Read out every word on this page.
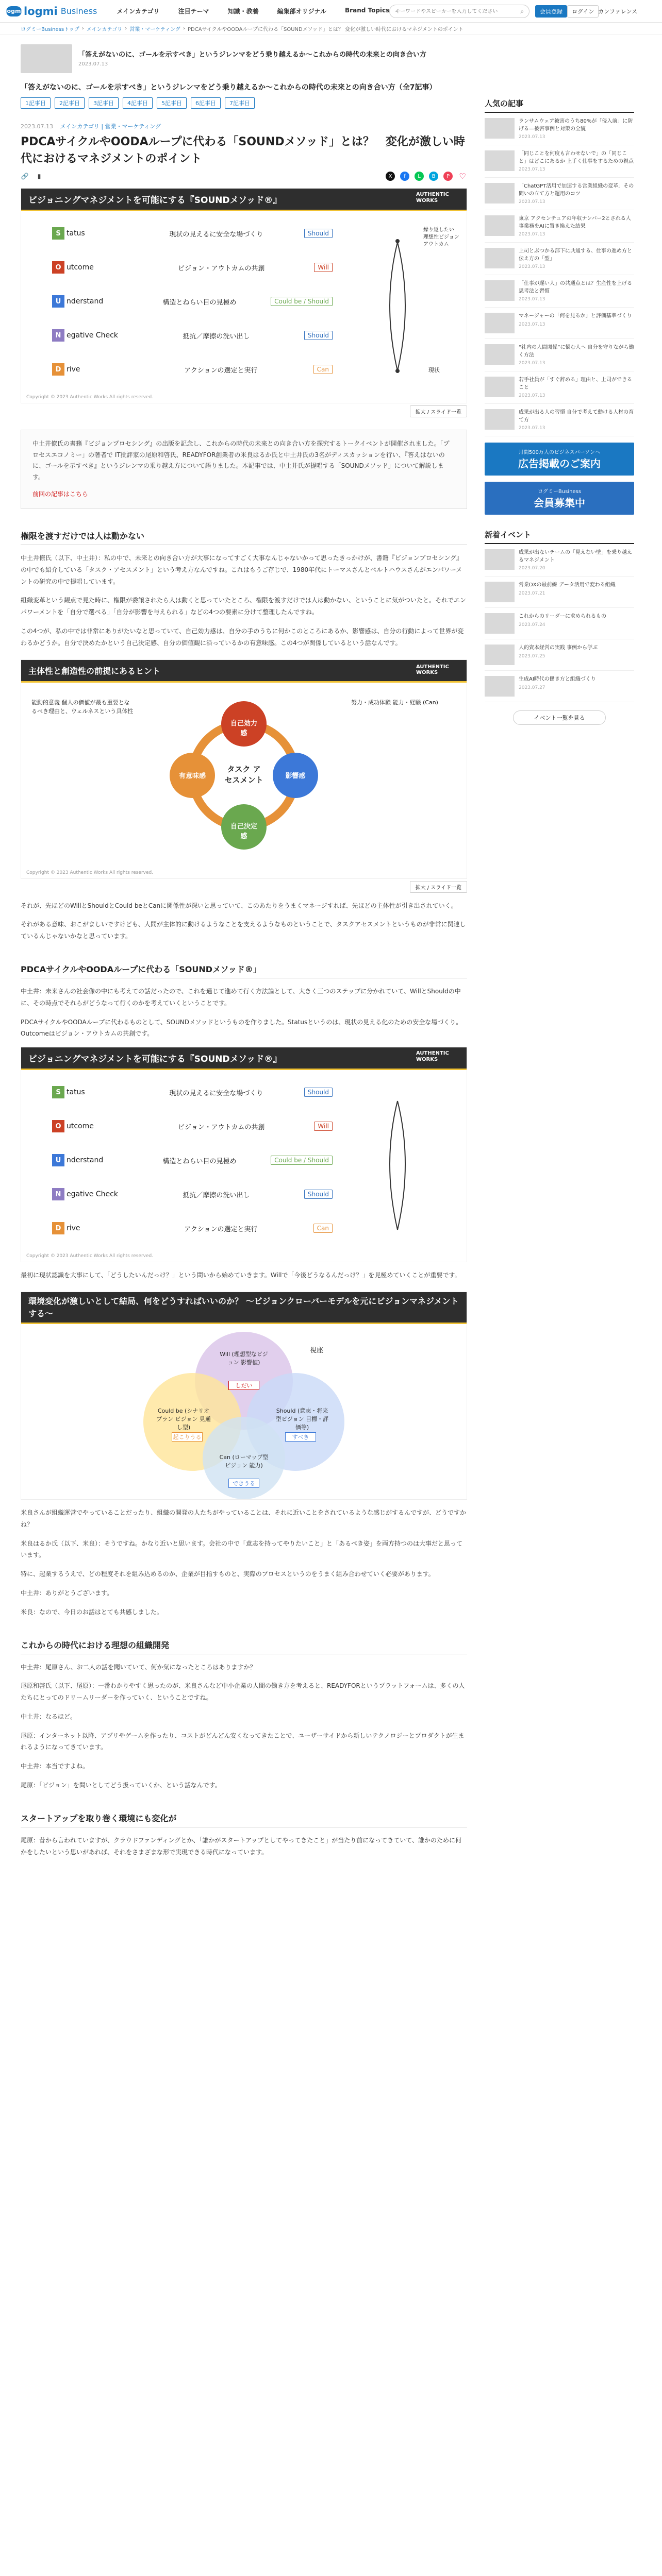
logmi logmi Business	メインカテゴリ	注目テーマ	知識・教養	編集部オリジナル	Brand Topics
キーワードやスピーカーを入力してください	⌕	会員登録	ログイン カンファレンス
ログミーBusinessトップ › メインカテゴリ › 営業・マーケティング › PDCAサイクルやOODAループに代わる「SOUNDメソッド」とは？ 変化が激しい時代におけるマネジメントのポイント
「答えがないのに、ゴールを示すべき」というジレンマをどう乗り越えるか〜これからの時代の未来との向き合い方
2023.07.13
「答えがないのに、ゴールを示すべき」というジレンマをどう乗り越えるか〜これからの時代の未来との向き合い方（全7記事）
1記事目	2記事目	3記事目	4記事目	5記事目	6記事目	7記事目
2023.07.13 メインカテゴリ | 営業・マーケティング
PDCAサイクルやOODAループに代わる「SOUNDメソッド」とは？　変化が激しい時代におけるマネジメントのポイント
🔗	▮	X	f	L	B	P	♡
ビジョニングマネジメントを可能にする『SOUNDメソッド®』
AUTHENTIC WORKS
S tatus	現状の見えるに安全な場づくり	Should
O utcome	ビジョン・アウトカムの共創	Will
U nderstand	構造とねらい目の見極め	Could be / Should
N egative Check	抵抗／摩擦の洗い出し	Should
D rive	アクションの選定と実行	Can
繰り返したい 理想性ビジョン アウトカム
現状
Copyright © 2023 Authentic Works All rights reserved.
拡大 / スライド一覧
中土井僚氏の書籍『ビジョンプロセシング』の出版を記念し、これからの時代の未来との向き合い方を探究するトークイベントが開催されました。「プロセスエコノミー」の著者で IT批評家の尾原和啓氏、READYFOR創業者の米良はるか氏と中土井氏の3名がディスカッションを行い、『答えはないのに、ゴールを示すべき』というジレンマの乗り越え方について語りました。本記事では、中土井氏が提唱する「SOUNDメソッド」について解説します。
前回の記事はこちら
権限を渡すだけでは人は動かない

中土井僚氏（以下、中土井）：私の中で、未来との向き合い方が大事になってすごく大事なんじゃないかって思ったきっかけが、書籍『ビジョンプロセシング』の中でも紹介している「タスク・アセスメント」という考え方なんですね。これはもうご存じで、1980年代にトーマスさんとベルトハウスさんがエンパワーメントの研究の中で提唱しています。

組織変革という観点で見た時に、権限が委譲されたら人は動くと思っていたところ、権限を渡すだけでは人は動かない、ということに気がついたと。それでエンパワーメントを「自分で選べる」「自分が影響を与えられる」などの4つの要素に分けて整理したんですね。

この4つが、私の中では非常にありがたいなと思っていて、自己効力感は、自分の手のうちに何かこのところにあるか、影響感は、自分の行動によって世界が変わるかどうか。自分で決めたかという自己決定感、自分の価値観に沿っているかの有意味感。この4つが関係しているという話なんです。

主体性と創造性の前提にあるヒント	AUTHENTIC WORKS
タスク アセスメント
自己効力感
影響感
自己決定感
有意味感
能動的意義 個人の価値が最も重要となるべき理由と、ウェルネスという具体性
努力・成功体験 能力・経験 (Can)
Copyright © 2023 Authentic Works All rights reserved.
拡大 / スライド一覧

それが、先ほどのWillとShouldとCould beとCanに関係性が深いと思っていて、このあたりをうまくマネージすれば、先ほどの主体性が引き出されていく。

それがある意味、おこがましいですけども、人間が主体的に動けるようなことを支えるようなものということで、タスクアセスメントというものが非常に関連しているんじゃないかなと思っています。

PDCAサイクルやOODAループに代わる「SOUNDメソッド®」

中土井：未来さんの社会像の中にも考えての話だったので、これを通じて進めて行く方法論として、大きく三つのステップに分かれていて、WillとShouldの中に、その時点でそれらがどうなって行くのかを考えていくということです。

PDCAサイクルやOODAループに代わるものとして、SOUNDメソッドというものを作りました。Statusというのは、現状の見える化のための安全な場づくり。Outcomeはビジョン・アウトカムの共創です。

ビジョニングマネジメントを可能にする『SOUNDメソッド®』
AUTHENTIC WORKS
S tatus	現状の見えるに安全な場づくり	Should
O utcome	ビジョン・アウトカムの共創	Will
U nderstand	構造とねらい目の見極め	Could be / Should
N egative Check	抵抗／摩擦の洗い出し	Should
D rive	アクションの選定と実行	Can
Copyright © 2023 Authentic Works All rights reserved.

最初に現状認識を大事にして、「どうしたいんだっけ？」という問いから始めていきます。Willで「今後どうなるんだっけ？」を見極めていくことが重要です。

環境変化が激しいとして結局、何をどうすればいいのか？ 〜ビジョンクローバーモデルを元にビジョンマネジメントする〜
Will (理想型なビジョン 影響値)
Should (意志・将来型ビジョン 目標・評価等)
Could be (シナリオプラン ビジョン 見通し型)
Can (ローマップ型ビジョン 能力)
しだい
すべき
起こりうる
できうる
視座

米良さんが組織運営でやっていることだったり、組織の開発の人たちがやっていることは、それに近いことをされているような感じがするんですが、どうですかね？

米良はるか氏（以下、米良）：そうですね。かなり近いと思います。会社の中で「意志を持ってやりたいこと」と「あるべき姿」を両方持つのは大事だと思っています。

特に、起業するうえで、どの程度それを組み込めるのか、企業が目指すものと、実際のプロセスというのをうまく組み合わせていく必要があります。

中土井：ありがとうございます。

米良：なので、今日のお話はとても共感しました。

これからの時代における理想の組織開発

中土井：尾原さん、お二人の話を聞いていて、何か気になったところはありますか？

尾原和啓氏（以下、尾原）：一番わかりやすく思ったのが、米良さんなど中小企業の人間の働き方を考えると、READYFORというプラットフォームは、多くの人たちにとってのドリームリーダーを作っていく、ということですね。

中土井：なるほど。

尾原：インターネット以降、アプリやゲームを作ったり、コストがどんどん安くなってきたことで、ユーザーサイドから新しいテクノロジーとプロダクトが生まれるようになってきています。

中土井：本当ですよね。

尾原：「ビジョン」を問いとしてどう扱っていくか、という話なんです。

スタートアップを取り巻く環境にも変化が

尾原：昔から言われていますが、クラウドファンディングとか、「誰かがスタートアップとしてやってきたこと」が当たり前になってきていて、誰かのために何かをしたいという思いがあれば、それをさまざまな形で実現できる時代になっています。

人気の記事
ランサムウェア被害のうち80%が「侵入前」に防げる—被害事例と対策の全貌
2023.07.13
「同じことを何度も言わせないで」の「同じこと」はどこにあるか 上手く仕事をするための視点
2023.07.13
「ChatGPT活用で加速する営業組織の変革」その問いの立て方と運用のコツ
2023.07.13
東京 アクセンチュアの年収ナンバー2とされる人事業務をAIに置き換えた結果
2023.07.13
上司とぶつかる部下に共通する、仕事の進め方と伝え方の「型」
2023.07.13
「仕事が遅い人」の共通点とは？生産性を上げる思考法と習慣
2023.07.13
マネージャーの「何を見るか」と評価基準づくり
2023.07.13
“社内の人間関係”に悩む人へ 自分を守りながら働く方法
2023.07.13
若手社員が「すぐ辞める」理由と、上司ができること
2023.07.13
成果が出る人の習慣 自分で考えて動ける人材の育て方
2023.07.13
月間500万人のビジネスパーソンへ
広告掲載のご案内
ログミーBusiness
会員募集中
新着イベント
成果が出ないチームの「見えない壁」を乗り越えるマネジメント
2023.07.20
営業DXの最前線 データ活用で変わる組織
2023.07.21
これからのリーダーに求められるもの
2023.07.24
人的資本経営の実践 事例から学ぶ
2023.07.25
生成AI時代の働き方と組織づくり
2023.07.27
イベント一覧を見る
